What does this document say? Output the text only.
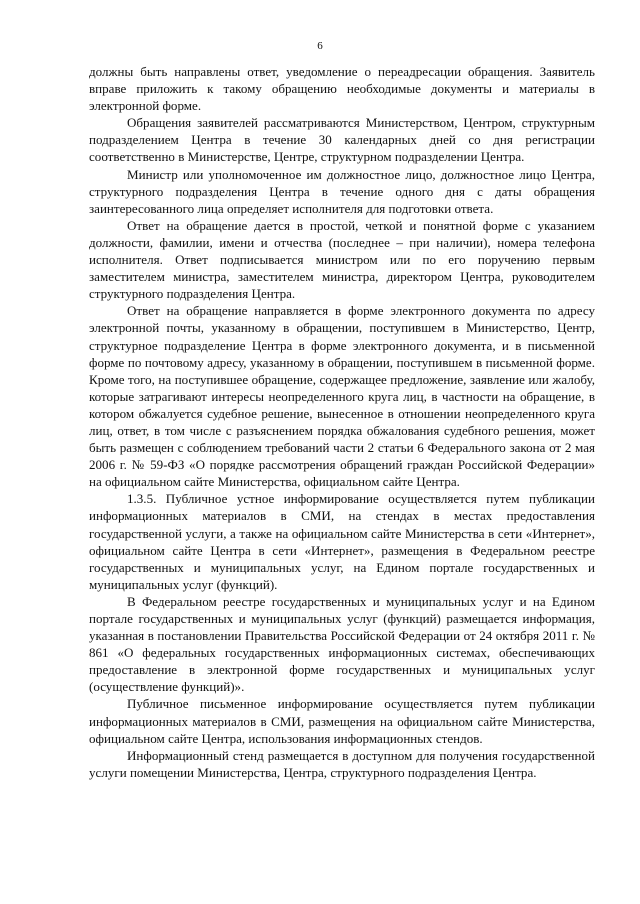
6

должны быть направлены ответ, уведомление о переадресации обращения. Заявитель вправе приложить к такому обращению необходимые документы и материалы в электронной форме.

Обращения заявителей рассматриваются Министерством, Центром, структурным подразделением Центра в течение 30 календарных дней со дня регистрации соответственно в Министерстве, Центре, структурном подразделении Центра.

Министр или уполномоченное им должностное лицо, должностное лицо Центра, структурного подразделения Центра в течение одного дня с даты обращения заинтересованного лица определяет исполнителя для подготовки ответа.

Ответ на обращение дается в простой, четкой и понятной форме с указанием должности, фамилии, имени и отчества (последнее – при наличии), номера телефона исполнителя. Ответ подписывается министром или по его поручению первым заместителем министра, заместителем министра, директором Центра, руководителем структурного подразделения Центра.

Ответ на обращение направляется в форме электронного документа по адресу электронной почты, указанному в обращении, поступившем в Министерство, Центр, структурное подразделение Центра в форме электронного документа, и в письменной форме по почтовому адресу, указанному в обращении, поступившем в письменной форме. Кроме того, на поступившее обращение, содержащее предложение, заявление или жалобу, которые затрагивают интересы неопределенного круга лиц, в частности на обращение, в котором обжалуется судебное решение, вынесенное в отношении неопределенного круга лиц, ответ, в том числе с разъяснением порядка обжалования судебного решения, может быть размещен с соблюдением требований части 2 статьи 6 Федерального закона от 2 мая 2006 г. № 59-ФЗ «О порядке рассмотрения обращений граждан Российской Федерации» на официальном сайте Министерства, официальном сайте Центра.

1.3.5. Публичное устное информирование осуществляется путем публикации информационных материалов в СМИ, на стендах в местах предоставления государственной услуги, а также на официальном сайте Министерства в сети «Интернет», официальном сайте Центра в сети «Интернет», размещения в Федеральном реестре государственных и муниципальных услуг, на Едином портале государственных и муниципальных услуг (функций).

В Федеральном реестре государственных и муниципальных услуг и на Едином портале государственных и муниципальных услуг (функций) размещается информация, указанная в постановлении Правительства Российской Федерации от 24 октября 2011 г. № 861 «О федеральных государственных информационных системах, обеспечивающих предоставление в электронной форме государственных и муниципальных услуг (осуществление функций)».

Публичное письменное информирование осуществляется путем публикации информационных материалов в СМИ, размещения на официальном сайте Министерства, официальном сайте Центра, использования информационных стендов.

Информационный стенд размещается в доступном для получения государственной услуги помещении Министерства, Центра, структурного подразделения Центра.
